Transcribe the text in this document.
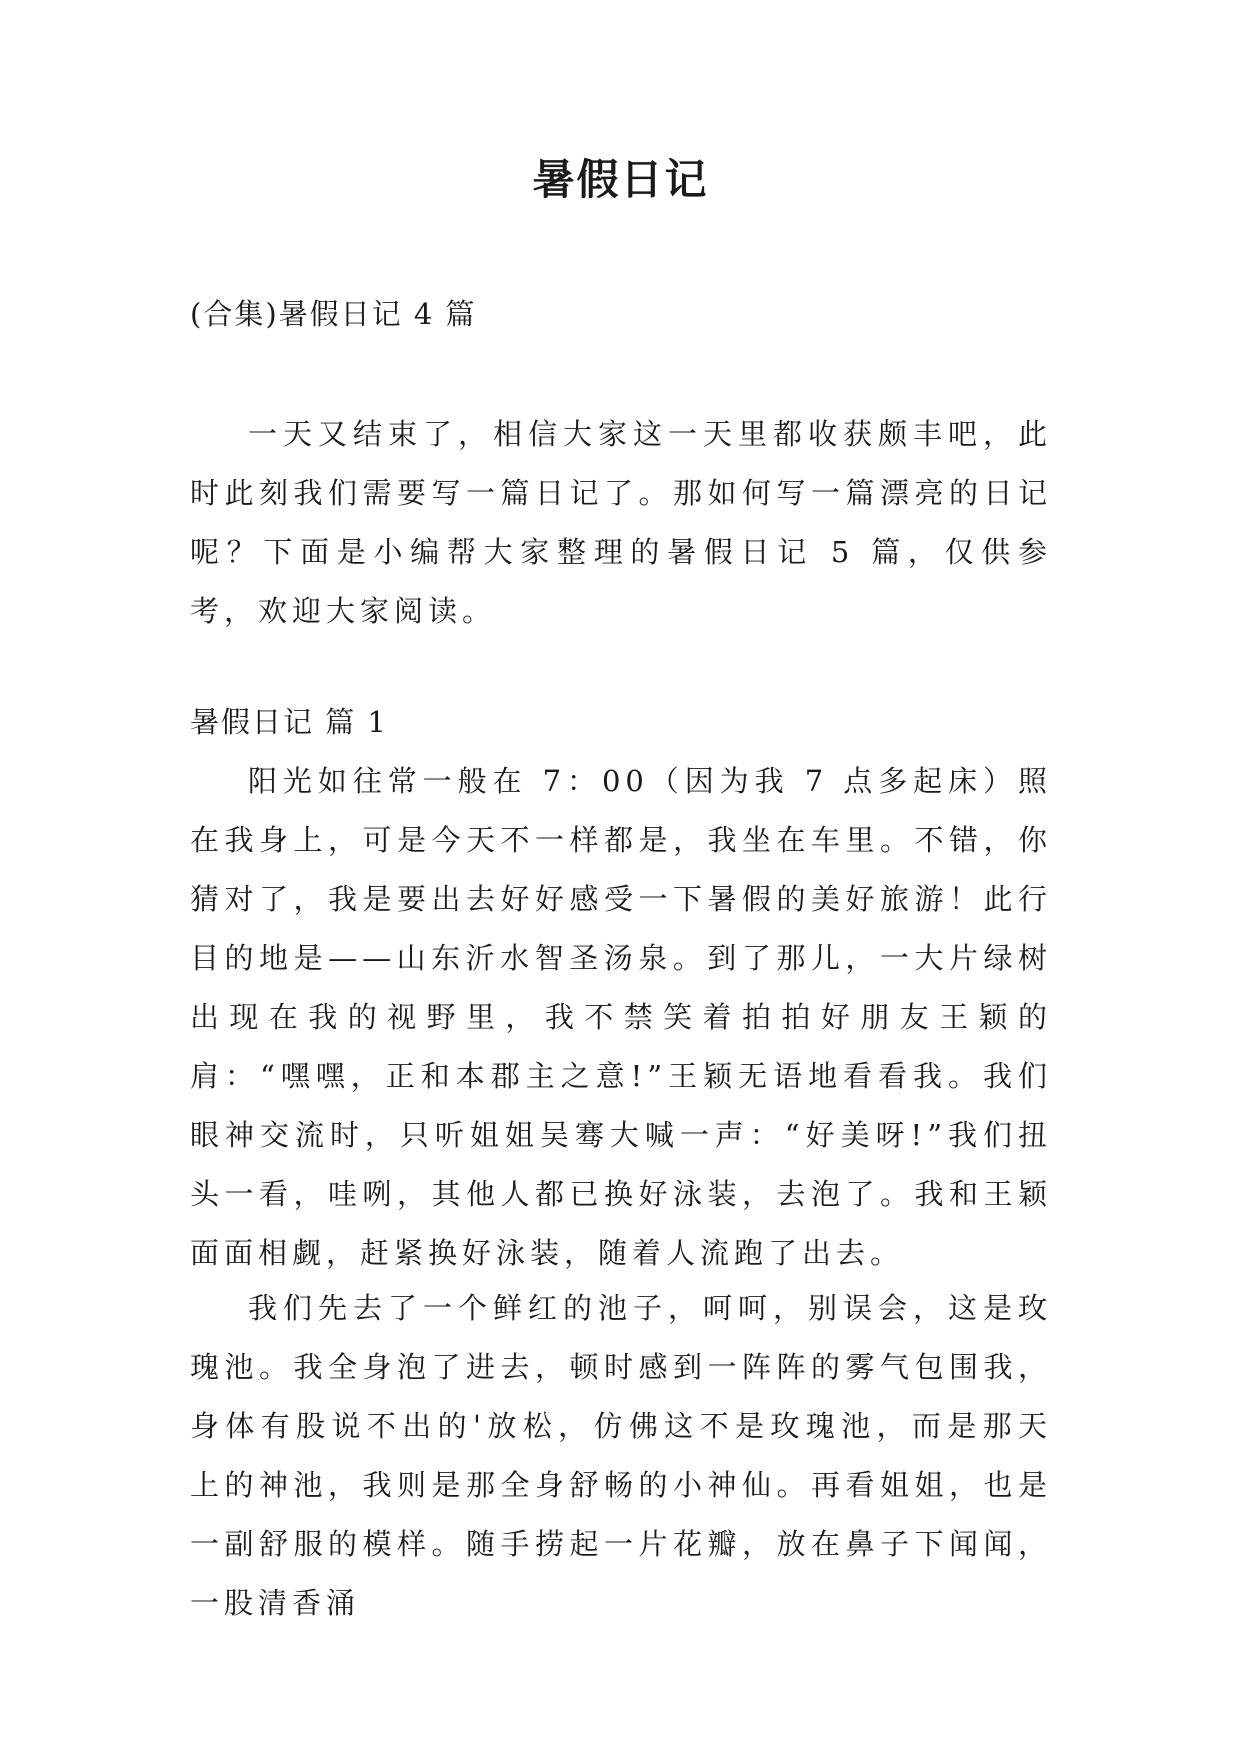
暑假日记

(合集)暑假日记 4 篇

一天又结束了，相信大家这一天里都收获颇丰吧，此时此刻我们需要写一篇日记了。那如何写一篇漂亮的日记呢？下面是小编帮大家整理的暑假日记 5 篇，仅供参考，欢迎大家阅读。

暑假日记 篇 1

阳光如往常一般在 7：00（因为我 7 点多起床）照在我身上，可是今天不一样都是，我坐在车里。不错，你猜对了，我是要出去好好感受一下暑假的美好旅游！此行目的地是——山东沂水智圣汤泉。到了那儿，一大片绿树出现在我的视野里，我不禁笑着拍拍好朋友王颖的肩：“嘿嘿，正和本郡主之意!”王颖无语地看看我。我们眼神交流时，只听姐姐吴骞大喊一声：“好美呀!”我们扭头一看，哇咧，其他人都已换好泳装，去泡了。我和王颖面面相觑，赶紧换好泳装，随着人流跑了出去。

我们先去了一个鲜红的池子，呵呵，别误会，这是玫瑰池。我全身泡了进去，顿时感到一阵阵的雾气包围我，身体有股说不出的'放松，仿佛这不是玫瑰池，而是那天上的神池，我则是那全身舒畅的小神仙。再看姐姐，也是一副舒服的模样。随手捞起一片花瓣，放在鼻子下闻闻，一股清香涌
